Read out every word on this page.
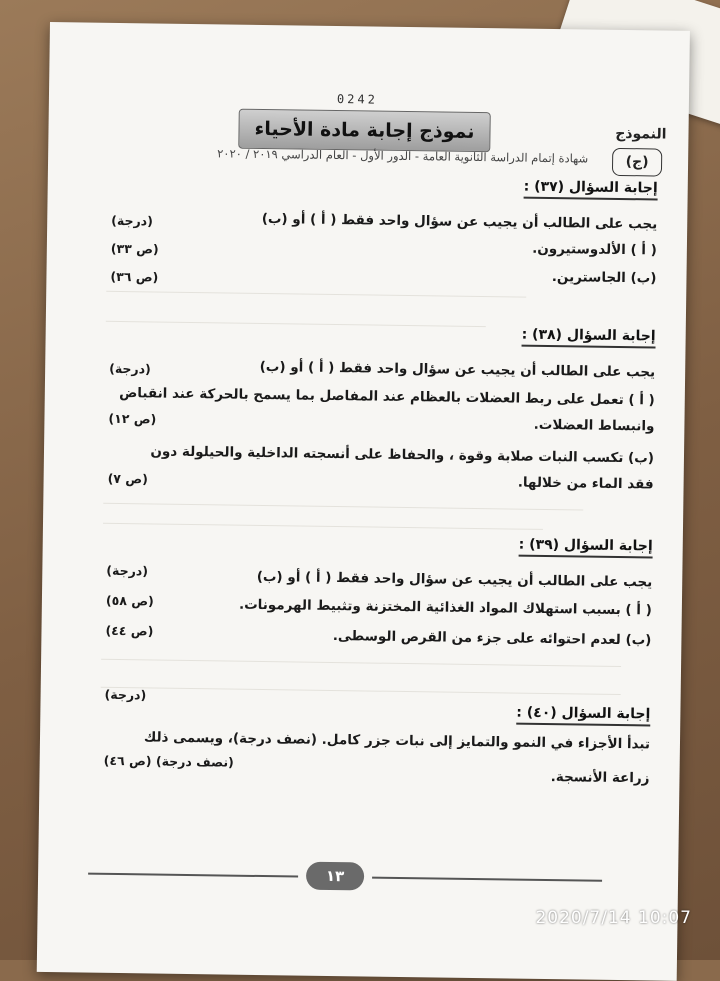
0242
نموذج إجابة مادة الأحياء
شهادة إتمام الدراسة الثانوية العامة - الدور الأول - العام الدراسي ٢٠١٩ / ٢٠٢٠
النموذج
(ج)
إجابة السؤال (٣٧) :
يجب على الطالب أن يجيب عن سؤال واحد فقط ( أ ) أو (ب)
( أ ) الألدوستيرون.
(ب) الجاسترين.
(درجة)
(ص ٣٣)
(ص ٣٦)
إجابة السؤال (٣٨) :
يجب على الطالب أن يجيب عن سؤال واحد فقط ( أ ) أو (ب)
( أ ) تعمل على ربط العضلات بالعظام عند المفاصل بما يسمح بالحركة عند انقباض
وانبساط العضلات.
(ب) تكسب النبات صلابة وقوة ، والحفاظ على أنسجته الداخلية والحيلولة دون
فقد الماء من خلالها.
(درجة)
(ص ١٢)
(ص ٧)
إجابة السؤال (٣٩) :
يجب على الطالب أن يجيب عن سؤال واحد فقط ( أ ) أو (ب)
( أ ) بسبب استهلاك المواد الغذائية المختزنة وتثبيط الهرمونات.
(ب) لعدم احتوائه على جزء من القرص الوسطى.
(درجة)
(ص ٥٨)
(ص ٤٤)
إجابة السؤال (٤٠) :
تبدأ الأجزاء في النمو والتمايز إلى نبات جزر كامل. (نصف درجة)، ويسمى ذلك
زراعة الأنسجة.
(درجة)
(ص ٤٦) (نصف درجة)
١٣
2020/7/14 10:07
